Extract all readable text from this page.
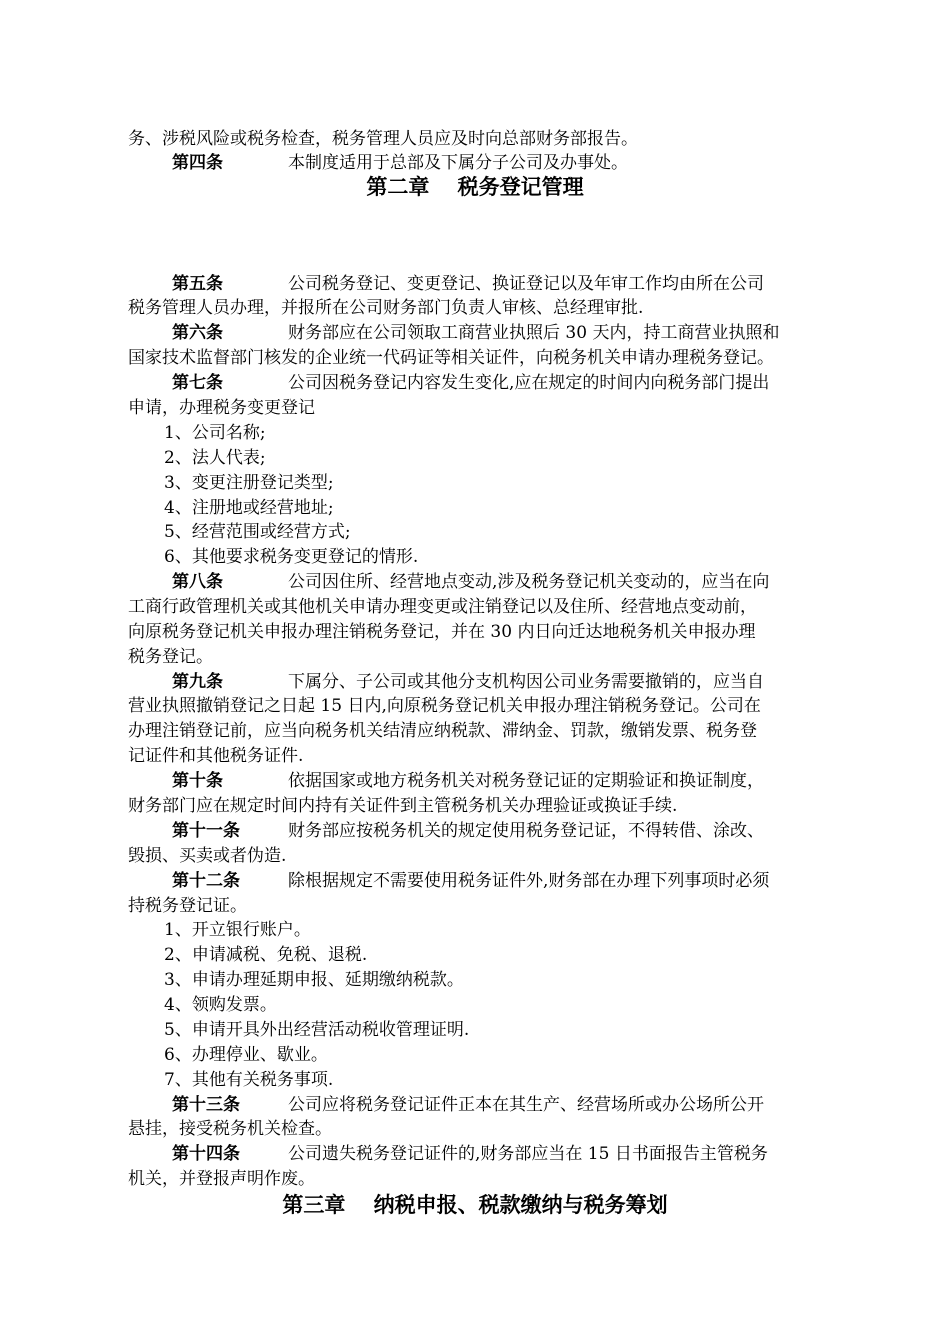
务、涉税风险或税务检查，税务管理人员应及时向总部财务部报告。
第四条	本制度适用于总部及下属分子公司及办事处。
第二章　 税务登记管理
第五条	公司税务登记、变更登记、换证登记以及年审工作均由所在公司
税务管理人员办理，并报所在公司财务部门负责人审核、总经理审批.
第六条	财务部应在公司领取工商营业执照后 30 天内，持工商营业执照和
国家技术监督部门核发的企业统一代码证等相关证件，向税务机关申请办理税务登记。
第七条	公司因税务登记内容发生变化,应在规定的时间内向税务部门提出
申请，办理税务变更登记
1、公司名称;
2、法人代表;
3、变更注册登记类型;
4、注册地或经营地址;
5、经营范围或经营方式;
6、其他要求税务变更登记的情形.
第八条	公司因住所、经营地点变动,涉及税务登记机关变动的，应当在向
工商行政管理机关或其他机关申请办理变更或注销登记以及住所、经营地点变动前，
向原税务登记机关申报办理注销税务登记，并在 30 内日向迁达地税务机关申报办理
税务登记。
第九条	下属分、子公司或其他分支机构因公司业务需要撤销的，应当自
营业执照撤销登记之日起 15 日内,向原税务登记机关申报办理注销税务登记。公司在
办理注销登记前，应当向税务机关结清应纳税款、滞纳金、罚款，缴销发票、税务登
记证件和其他税务证件.
第十条	依据国家或地方税务机关对税务登记证的定期验证和换证制度，
财务部门应在规定时间内持有关证件到主管税务机关办理验证或换证手续.
第十一条	财务部应按税务机关的规定使用税务登记证，不得转借、涂改、
毁损、买卖或者伪造.
第十二条	除根据规定不需要使用税务证件外,财务部在办理下列事项时必须
持税务登记证。
1、开立银行账户。
2、申请减税、免税、退税.
3、申请办理延期申报、延期缴纳税款。
4、领购发票。
5、申请开具外出经营活动税收管理证明.
6、办理停业、歇业。
7、其他有关税务事项.
第十三条	公司应将税务登记证件正本在其生产、经营场所或办公场所公开
悬挂，接受税务机关检查。
第十四条	公司遗失税务登记证件的,财务部应当在 15 日书面报告主管税务
机关，并登报声明作废。
第三章　 纳税申报、税款缴纳与税务筹划
